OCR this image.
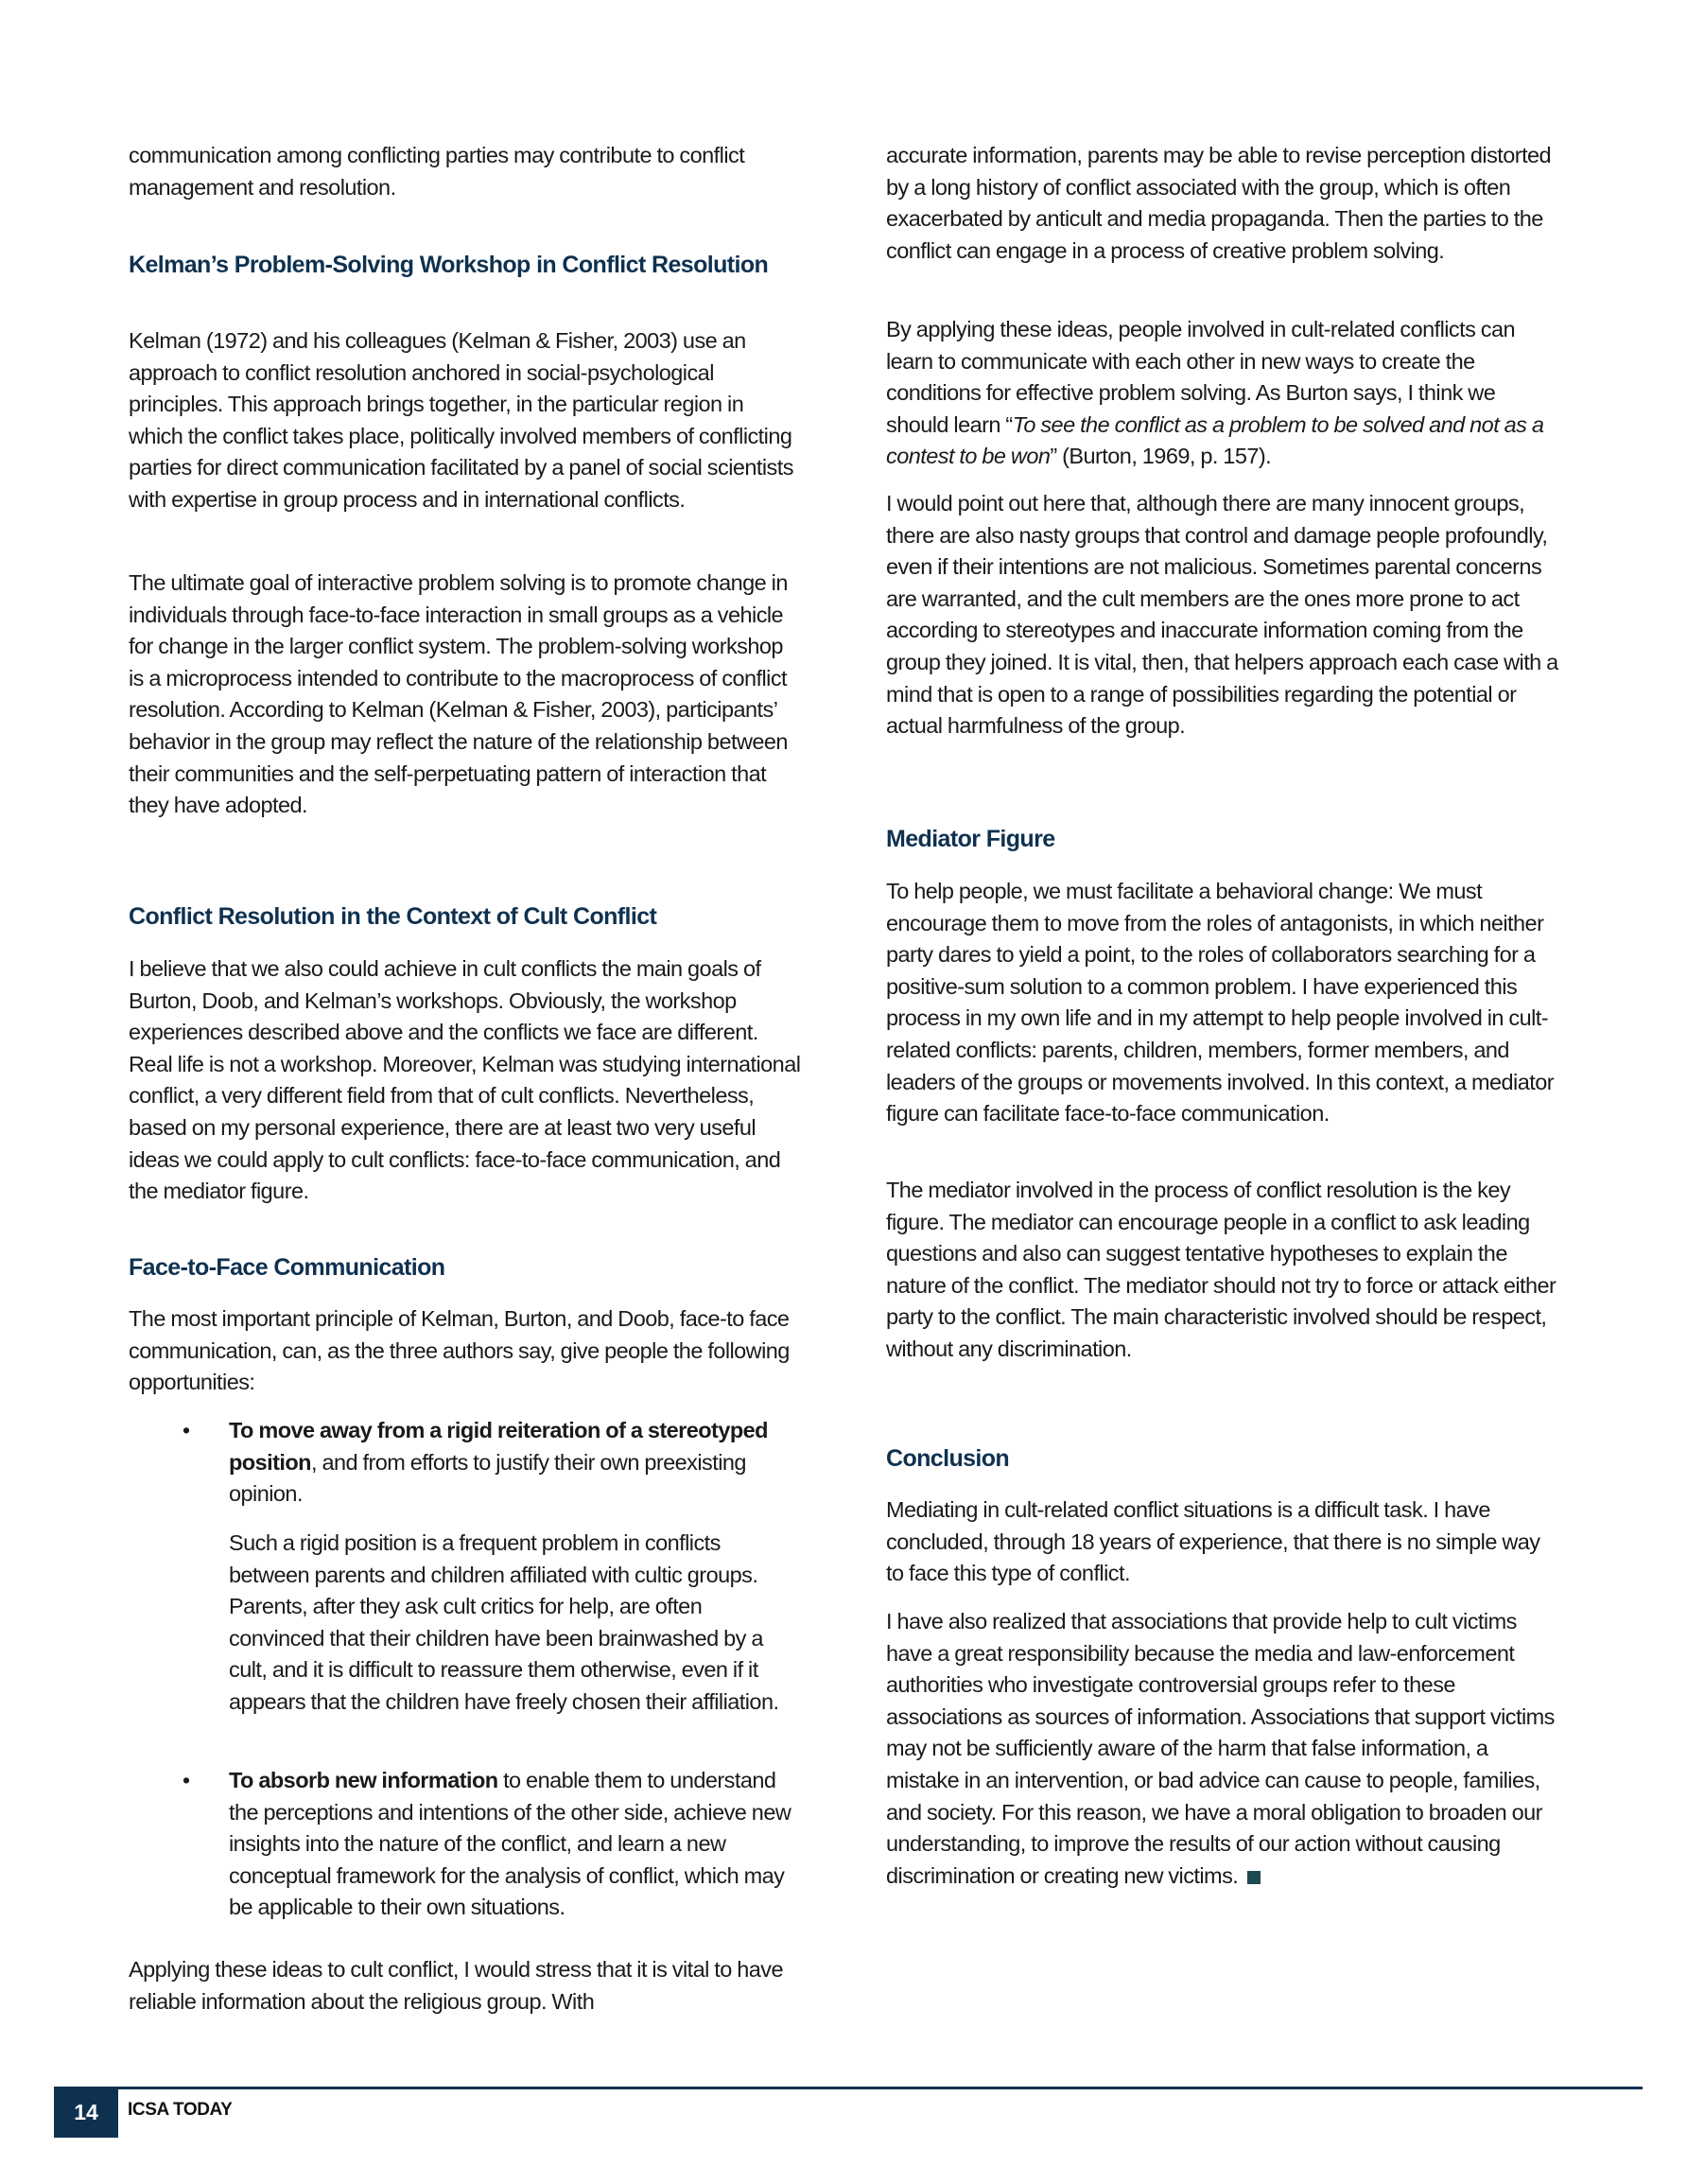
communication among conflicting parties may contribute to conflict management and resolution.

Kelman’s Problem-Solving Workshop in Conflict Resolution

Kelman (1972) and his colleagues (Kelman & Fisher, 2003) use an approach to conflict resolution anchored in social-psychological principles. This approach brings together, in the particular region in which the conflict takes place, politically involved members of conflicting parties for direct communication facilitated by a panel of social scientists with expertise in group process and in international conflicts.

The ultimate goal of interactive problem solving is to promote change in individuals through face-to-face interaction in small groups as a vehicle for change in the larger conflict system. The problem-solving workshop is a microprocess intended to contribute to the macroprocess of conflict resolution. According to Kelman (Kelman & Fisher, 2003), participants’ behavior in the group may reflect the nature of the relationship between their communities and the self-perpetuating pattern of interaction that they have adopted.

Conflict Resolution in the Context of Cult Conflict

I believe that we also could achieve in cult conflicts the main goals of Burton, Doob, and Kelman’s workshops. Obviously, the workshop experiences described above and the conflicts we face are different. Real life is not a workshop. Moreover, Kelman was studying international conflict, a very different field from that of cult conflicts. Nevertheless, based on my personal experience, there are at least two very useful ideas we could apply to cult conflicts: face-to-face communication, and the mediator figure.

Face-to-Face Communication

The most important principle of Kelman, Burton, and Doob, face-to face communication, can, as the three authors say, give people the following opportunities:

• To move away from a rigid reiteration of a stereotyped position, and from efforts to justify their own preexisting opinion.

Such a rigid position is a frequent problem in conflicts between parents and children affiliated with cultic groups. Parents, after they ask cult critics for help, are often convinced that their children have been brainwashed by a cult, and it is difficult to reassure them otherwise, even if it appears that the children have freely chosen their affiliation.

• To absorb new information to enable them to understand the perceptions and intentions of the other side, achieve new insights into the nature of the conflict, and learn a new conceptual framework for the analysis of conflict, which may be applicable to their own situations.

Applying these ideas to cult conflict, I would stress that it is vital to have reliable information about the religious group. With

accurate information, parents may be able to revise perception distorted by a long history of conflict associated with the group, which is often exacerbated by anticult and media propaganda. Then the parties to the conflict can engage in a process of creative problem solving.

By applying these ideas, people involved in cult-related conflicts can learn to communicate with each other in new ways to create the conditions for effective problem solving. As Burton says, I think we should learn “To see the conflict as a problem to be solved and not as a contest to be won” (Burton, 1969, p. 157).

I would point out here that, although there are many innocent groups, there are also nasty groups that control and damage people profoundly, even if their intentions are not malicious. Sometimes parental concerns are warranted, and the cult members are the ones more prone to act according to stereotypes and inaccurate information coming from the group they joined. It is vital, then, that helpers approach each case with a mind that is open to a range of possibilities regarding the potential or actual harmfulness of the group.

Mediator Figure

To help people, we must facilitate a behavioral change: We must encourage them to move from the roles of antagonists, in which neither party dares to yield a point, to the roles of collaborators searching for a positive-sum solution to a common problem. I have experienced this process in my own life and in my attempt to help people involved in cult-related conflicts: parents, children, members, former members, and leaders of the groups or movements involved. In this context, a mediator figure can facilitate face-to-face communication.

The mediator involved in the process of conflict resolution is the key figure. The mediator can encourage people in a conflict to ask leading questions and also can suggest tentative hypotheses to explain the nature of the conflict. The mediator should not try to force or attack either party to the conflict. The main characteristic involved should be respect, without any discrimination.

Conclusion

Mediating in cult-related conflict situations is a difficult task. I have concluded, through 18 years of experience, that there is no simple way to face this type of conflict.

I have also realized that associations that provide help to cult victims have a great responsibility because the media and law-enforcement authorities who investigate controversial groups refer to these associations as sources of information. Associations that support victims may not be sufficiently aware of the harm that false information, a mistake in an intervention, or bad advice can cause to people, families, and society. For this reason, we have a moral obligation to broaden our understanding, to improve the results of our action without causing discrimination or creating new victims.

14 ICSA TODAY
